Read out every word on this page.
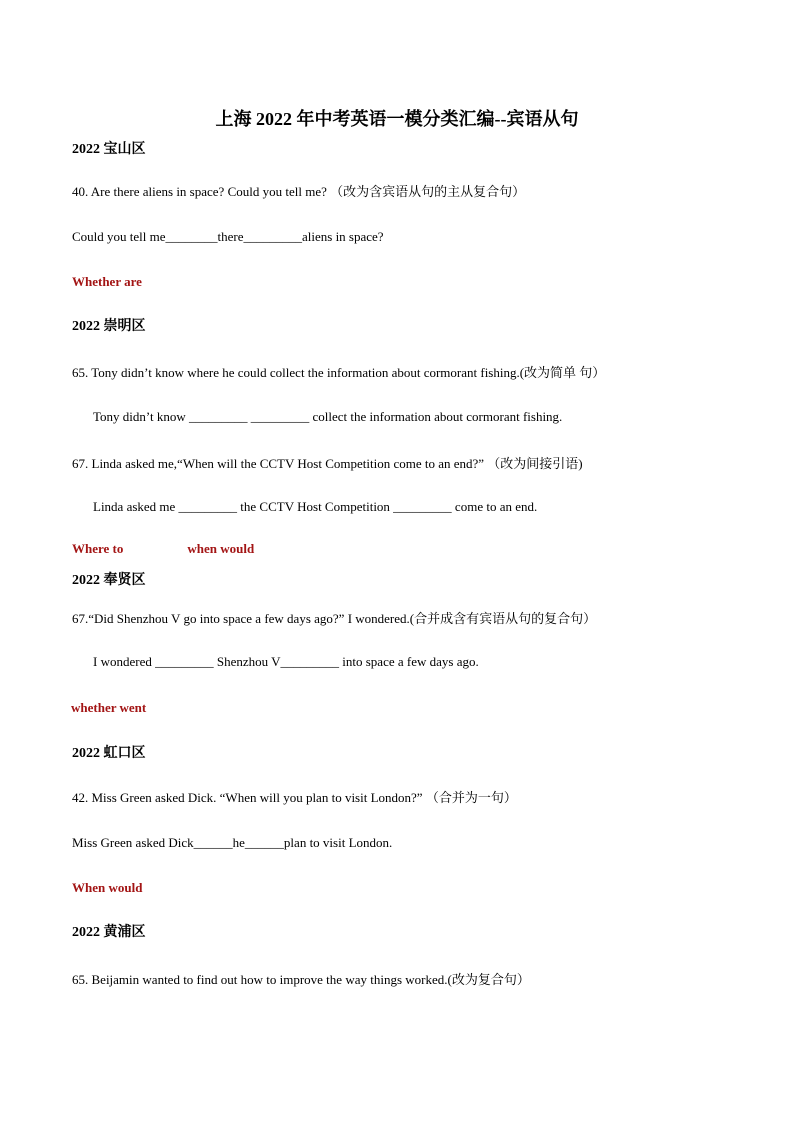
上海 2022 年中考英语一模分类汇编--宾语从句
2022 宝山区
40. Are there aliens in space? Could you tell me? （改为含宾语从句的主从复合句）
Could you tell me________there_________aliens in space?
Whether are
2022 崇明区
65. Tony didn’t know where he could collect the information about cormorant fishing.(改为简单 句）
Tony didn’t know _________ _________ collect the information about cormorant fishing.
67. Linda asked me,“When will the CCTV Host Competition come to an end?” （改为间接引语)
Linda asked me _________ the CCTV Host Competition _________ come to an end.
Where to	when would
2022 奉贤区
67.“Did Shenzhou V go into space a few days ago?” I wondered.(合并成含有宾语从句的复合句）
I wondered _________ Shenzhou V_________ into space a few days ago.
whether went
2022 虹口区
42. Miss Green asked Dick. “When will you plan to visit London?” （合并为一句）
Miss Green asked Dick______he______plan to visit London.
When would
2022 黄浦区
65. Beijamin wanted to find out how to improve the way things worked.(改为复合句）
